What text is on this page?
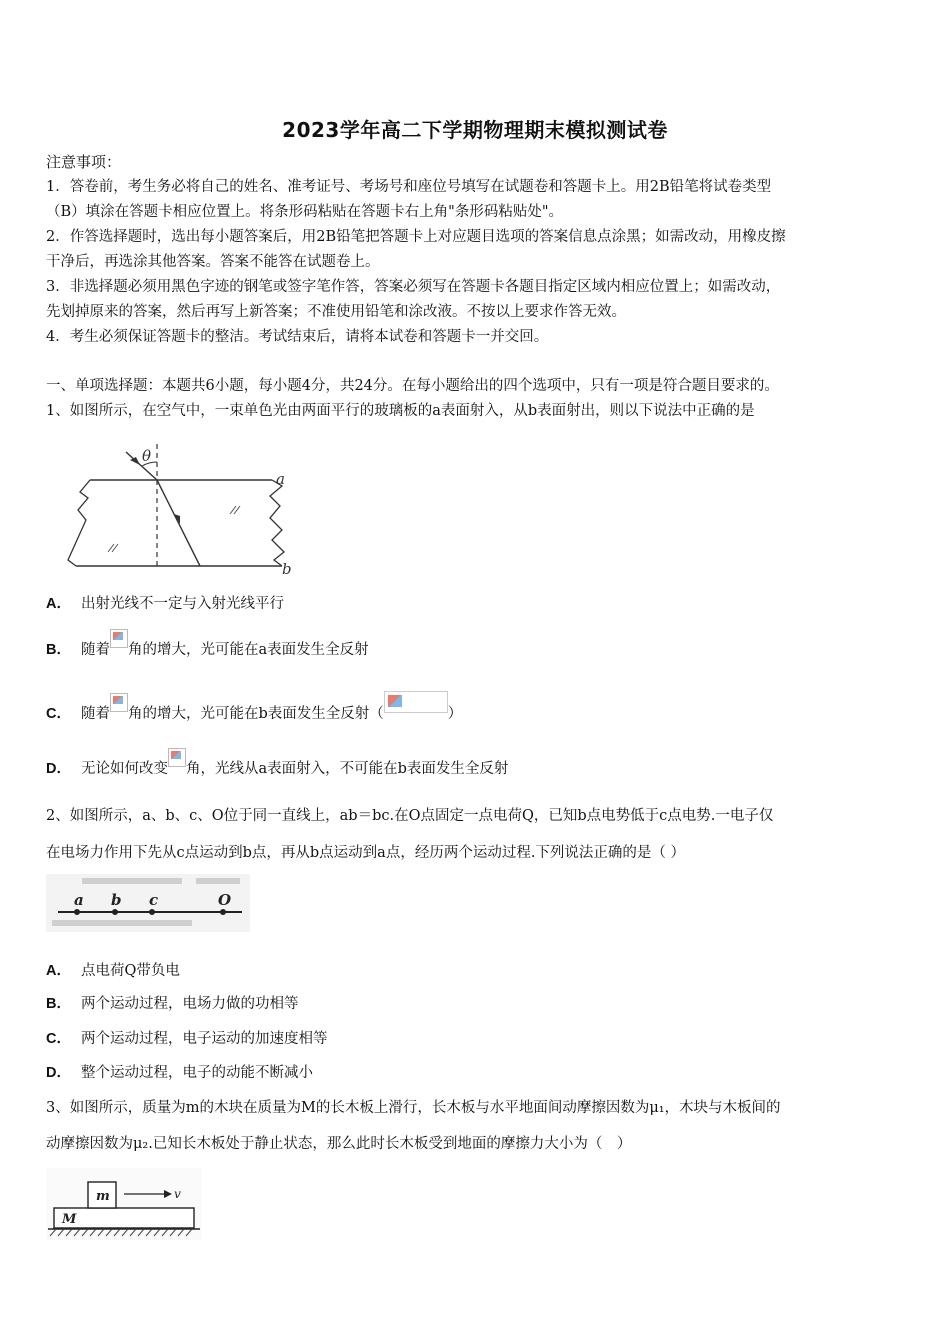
2023学年高二下学期物理期末模拟测试卷
注意事项：
1．答卷前，考生务必将自己的姓名、准考证号、考场号和座位号填写在试题卷和答题卡上。用2B铅笔将试卷类型
（B）填涂在答题卡相应位置上。将条形码粘贴在答题卡右上角"条形码粘贴处"。
2．作答选择题时，选出每小题答案后，用2B铅笔把答题卡上对应题目选项的答案信息点涂黑；如需改动，用橡皮擦
干净后，再选涂其他答案。答案不能答在试题卷上。
3．非选择题必须用黑色字迹的钢笔或签字笔作答，答案必须写在答题卡各题目指定区域内相应位置上；如需改动，
先划掉原来的答案，然后再写上新答案；不准使用铅笔和涂改液。不按以上要求作答无效。
4．考生必须保证答题卡的整洁。考试结束后，请将本试卷和答题卡一并交回。
一、单项选择题：本题共6小题，每小题4分，共24分。在每小题给出的四个选项中，只有一项是符合题目要求的。
1、如图所示，在空气中，一束单色光由两面平行的玻璃板的a表面射入，从b表面射出，则以下说法中正确的是
θ
a
b
A． 出射光线不一定与入射光线平行
B． 随着 角的增大，光可能在a表面发生全反射
C． 随着 角的增大，光可能在b表面发生全反射（	）
D． 无论如何改变 角，光线从a表面射入，不可能在b表面发生全反射
2、如图所示，a、b、c、O位于同一直线上，ab＝bc.在O点固定一点电荷Q，已知b点电势低于c点电势.一电子仅
在电场力作用下先从c点运动到b点，再从b点运动到a点，经历两个运动过程.下列说法正确的是（ ）
a b c	O
A． 点电荷Q带负电
B． 两个运动过程，电场力做的功相等
C． 两个运动过程，电子运动的加速度相等
D． 整个运动过程，电子的动能不断减小
3、如图所示，质量为m的木块在质量为M的长木板上滑行，长木板与水平地面间动摩擦因数为μ₁，木块与木板间的
动摩擦因数为μ₂.已知长木板处于静止状态，那么此时长木板受到地面的摩擦力大小为（　）
m
M
v
